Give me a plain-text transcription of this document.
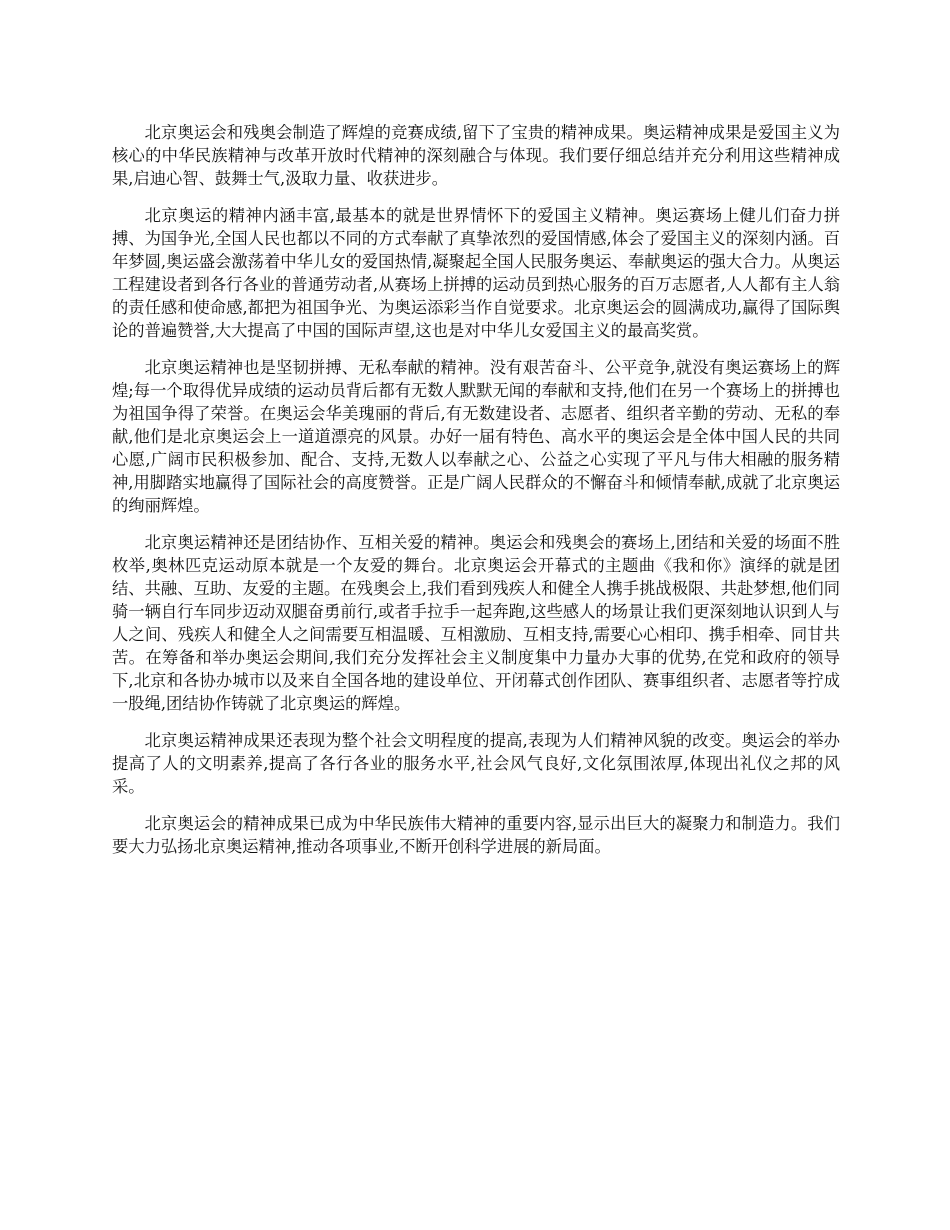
北京奥运会和残奥会制造了辉煌的竞赛成绩,留下了宝贵的精神成果。奥运精神成果是爱国主义为核心的中华民族精神与改革开放时代精神的深刻融合与体现。我们要仔细总结并充分利用这些精神成果,启迪心智、鼓舞士气,汲取力量、收获进步。

北京奥运的精神内涵丰富,最基本的就是世界情怀下的爱国主义精神。奥运赛场上健儿们奋力拼搏、为国争光,全国人民也都以不同的方式奉献了真挚浓烈的爱国情感,体会了爱国主义的深刻内涵。百年梦圆,奥运盛会激荡着中华儿女的爱国热情,凝聚起全国人民服务奥运、奉献奥运的强大合力。从奥运工程建设者到各行各业的普通劳动者,从赛场上拼搏的运动员到热心服务的百万志愿者,人人都有主人翁的责任感和使命感,都把为祖国争光、为奥运添彩当作自觉要求。北京奥运会的圆满成功,赢得了国际舆论的普遍赞誉,大大提高了中国的国际声望,这也是对中华儿女爱国主义的最高奖赏。

北京奥运精神也是坚韧拼搏、无私奉献的精神。没有艰苦奋斗、公平竞争,就没有奥运赛场上的辉煌;每一个取得优异成绩的运动员背后都有无数人默默无闻的奉献和支持,他们在另一个赛场上的拼搏也为祖国争得了荣誉。在奥运会华美瑰丽的背后,有无数建设者、志愿者、组织者辛勤的劳动、无私的奉献,他们是北京奥运会上一道道漂亮的风景。办好一届有特色、高水平的奥运会是全体中国人民的共同心愿,广阔市民积极参加、配合、支持,无数人以奉献之心、公益之心实现了平凡与伟大相融的服务精神,用脚踏实地赢得了国际社会的高度赞誉。正是广阔人民群众的不懈奋斗和倾情奉献,成就了北京奥运的绚丽辉煌。

北京奥运精神还是团结协作、互相关爱的精神。奥运会和残奥会的赛场上,团结和关爱的场面不胜枚举,奥林匹克运动原本就是一个友爱的舞台。北京奥运会开幕式的主题曲《我和你》演绎的就是团结、共融、互助、友爱的主题。在残奥会上,我们看到残疾人和健全人携手挑战极限、共赴梦想,他们同骑一辆自行车同步迈动双腿奋勇前行,或者手拉手一起奔跑,这些感人的场景让我们更深刻地认识到人与人之间、残疾人和健全人之间需要互相温暖、互相激励、互相支持,需要心心相印、携手相牵、同甘共苦。在筹备和举办奥运会期间,我们充分发挥社会主义制度集中力量办大事的优势,在党和政府的领导下,北京和各协办城市以及来自全国各地的建设单位、开闭幕式创作团队、赛事组织者、志愿者等拧成一股绳,团结协作铸就了北京奥运的辉煌。

北京奥运精神成果还表现为整个社会文明程度的提高,表现为人们精神风貌的改变。奥运会的举办提高了人的文明素养,提高了各行各业的服务水平,社会风气良好,文化氛围浓厚,体现出礼仪之邦的风采。

北京奥运会的精神成果已成为中华民族伟大精神的重要内容,显示出巨大的凝聚力和制造力。我们要大力弘扬北京奥运精神,推动各项事业,不断开创科学进展的新局面。
